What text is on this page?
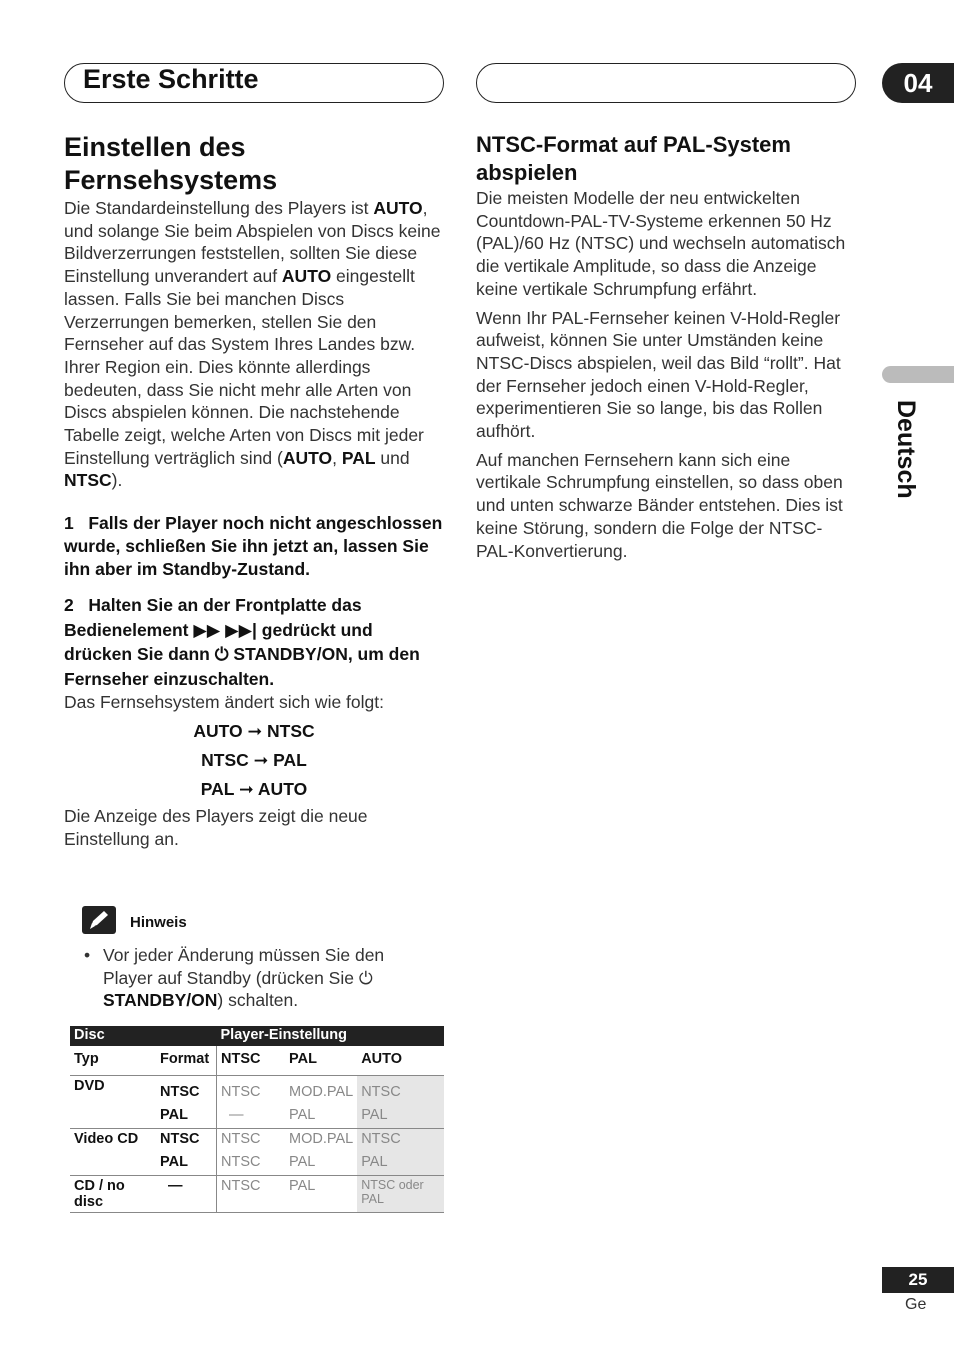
Erste Schritte	04
Deutsch
Einstellen des Fernsehsystems

Die Standardeinstellung des Players ist AUTO, und solange Sie beim Abspielen von Discs keine Bildverzerrungen feststellen, sollten Sie diese Einstellung unverandert auf AUTO eingestellt lassen. Falls Sie bei manchen Discs Verzerrungen bemerken, stellen Sie den Fernseher auf das System Ihres Landes bzw. Ihrer Region ein. Dies könnte allerdings bedeuten, dass Sie nicht mehr alle Arten von Discs abspielen können. Die nachstehende Tabelle zeigt, welche Arten von Discs mit jeder Einstellung verträglich sind (AUTO, PAL und NTSC).

1   Falls der Player noch nicht angeschlossen wurde, schließen Sie ihn jetzt an, lassen Sie ihn aber im Standby-Zustand.

2   Halten Sie an der Frontplatte das Bedienelement ▶▶ ▶▶| gedrückt und drücken Sie dann ⏻ STANDBY/ON, um den Fernseher einzuschalten.

Das Fernsehsystem ändert sich wie folgt:

AUTO ➞ NTSC
NTSC ➞ PAL
PAL ➞ AUTO

Die Anzeige des Players zeigt die neue Einstellung an.

Hinweis
• Vor jeder Änderung müssen Sie den Player auf Standby (drücken Sie ⏻ STANDBY/ON) schalten.

Disc		Player-Einstellung		
Typ	Format	NTSC	PAL	AUTO
DVD	NTSC	NTSC	MOD.PAL	NTSC
	PAL	—	PAL	PAL
Video CD	NTSC	NTSC	MOD.PAL	NTSC
	PAL	NTSC	PAL	PAL
CD / no disc	—	NTSC	PAL	NTSC oder PAL
NTSC-Format auf PAL-System abspielen

Die meisten Modelle der neu entwickelten Countdown-PAL-TV-Systeme erkennen 50 Hz (PAL)/60 Hz (NTSC) und wechseln automatisch die vertikale Amplitude, so dass die Anzeige keine vertikale Schrumpfung erfährt.

Wenn Ihr PAL-Fernseher keinen V-Hold-Regler aufweist, können Sie unter Umständen keine NTSC-Discs abspielen, weil das Bild “rollt”. Hat der Fernseher jedoch einen V-Hold-Regler, experimentieren Sie so lange, bis das Rollen aufhört.

Auf manchen Fernsehern kann sich eine vertikale Schrumpfung einstellen, so dass oben und unten schwarze Bänder entstehen. Dies ist keine Störung, sondern die Folge der NTSC-PAL-Konvertierung.

25
Ge
